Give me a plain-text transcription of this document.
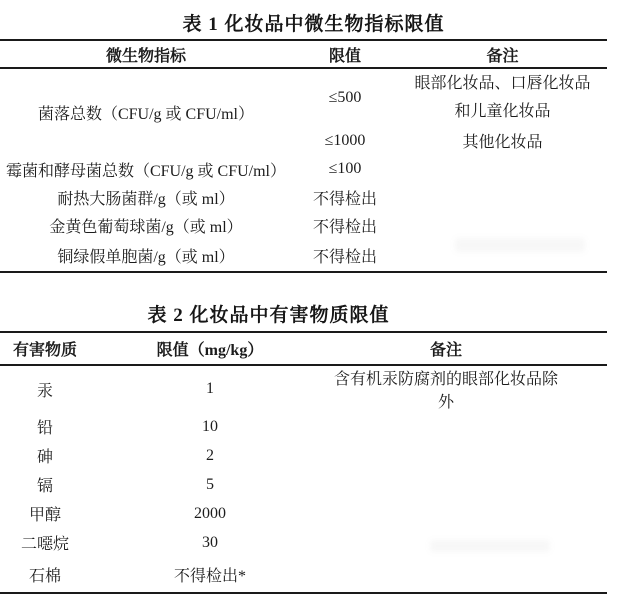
表 1 化妆品中微生物指标限值
微生物指标	限值	备注
菌落总数（CFU/g 或 CFU/ml）	≤500	眼部化妆品、口唇化妆品
和儿童化妆品

	≤1000	其他化妆品
霉菌和酵母菌总数（CFU/g 或 CFU/ml）	≤100	
耐热大肠菌群/g（或 ml）	不得检出	
金黄色葡萄球菌/g（或 ml）	不得检出	
铜绿假单胞菌/g（或 ml）	不得检出	
表 2 化妆品中有害物质限值
有害物质	限值（mg/kg）	备注
汞	1	含有机汞防腐剂的眼部化妆品除外
铅	10	
砷	2	
镉	5	
甲醇	2000	
二噁烷	30	
石棉	不得检出*	
